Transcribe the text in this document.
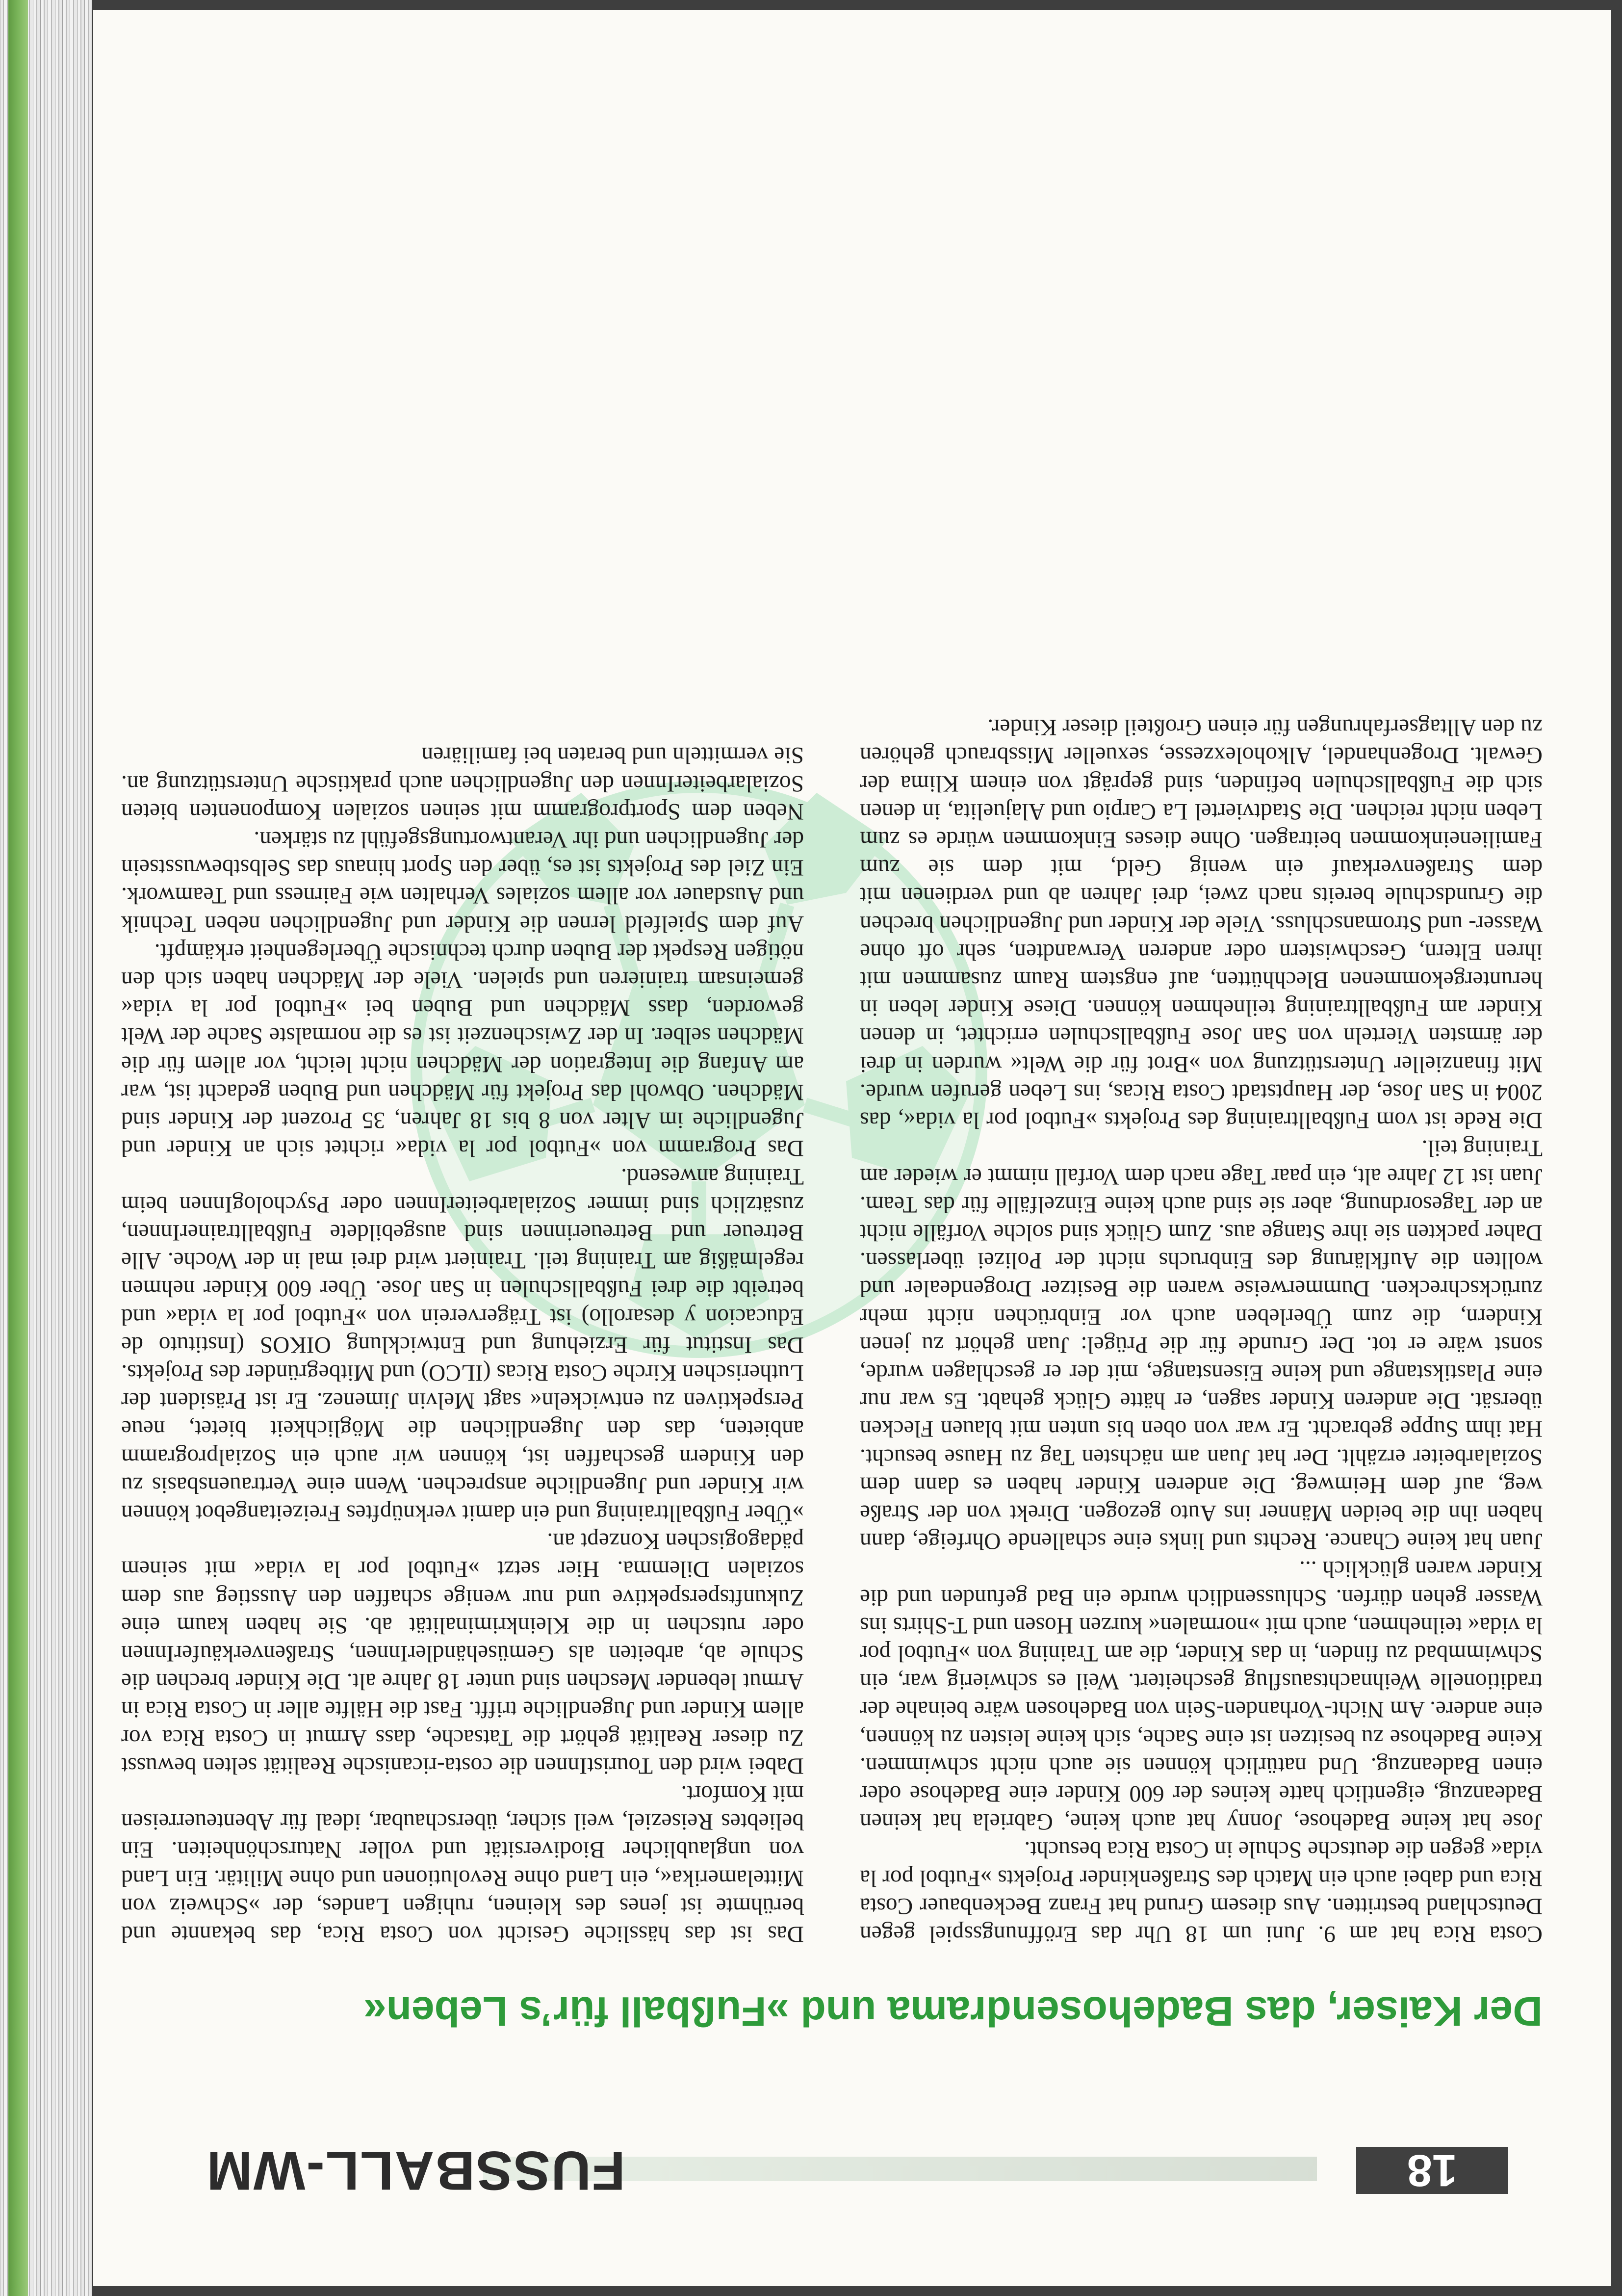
18
FUSSBALL-WM
Der Kaiser, das Badehosendrama und »Fußball für’s Leben«

Costa Rica hat am 9. Juni um 18 Uhr das Eröffnungsspiel gegen Deutschland bestritten. Aus diesem Grund hat Franz Beckenbauer Costa Rica und dabei auch ein Match des Straßenkinder Projekts »Futbol por la vida« gegen die deutsche Schule in Costa Rica besucht.

Jose hat keine Badehose, Jonny hat auch keine, Gabriela hat keinen Badeanzug, eigentlich hatte keines der 600 Kinder eine Badehose oder einen Badeanzug. Und natürlich können sie auch nicht schwimmen. Keine Badehose zu besitzen ist eine Sache, sich keine leisten zu können, eine andere. Am Nicht-Vorhanden-Sein von Badehosen wäre beinahe der traditionelle Weihnachtsausflug gescheitert. Weil es schwierig war, ein Schwimmbad zu finden, in das Kinder, die am Training von »Futbol por la vida« teilnehmen, auch mit »normalen« kurzen Hosen und T-Shirts ins Wasser gehen dürfen. Schlussendlich wurde ein Bad gefunden und die Kinder waren glücklich ...

Juan hat keine Chance. Rechts und links eine schallende Ohrfeige, dann haben ihn die beiden Männer ins Auto gezogen. Direkt von der Straße weg, auf dem Heimweg. Die anderen Kinder haben es dann dem Sozialarbeiter erzählt. Der hat Juan am nächsten Tag zu Hause besucht. Hat ihm Suppe gebracht. Er war von oben bis unten mit blauen Flecken übersät. Die anderen Kinder sagen, er hätte Glück gehabt. Es war nur eine Plastikstange und keine Eisenstange, mit der er geschlagen wurde, sonst wäre er tot. Der Grunde für die Prügel: Juan gehört zu jenen Kindern, die zum Überleben auch vor Einbrüchen nicht mehr zurückschrecken. Dummerweise waren die Besitzer Drogendealer und wollten die Aufklärung des Einbruchs nicht der Polizei überlassen. Daher packten sie ihre Stange aus. Zum Glück sind solche Vorfälle nicht an der Tagesordnung, aber sie sind auch keine Einzelfälle für das Team. Juan ist 12 Jahre alt, ein paar Tage nach dem Vorfall nimmt er wieder am Training teil.

Die Rede ist vom Fußballtraining des Projekts »Futbol por la vida«, das 2004 in San Jose, der Hauptstadt Costa Ricas, ins Leben gerufen wurde. Mit finanzieller Unterstützung von »Brot für die Welt« wurden in drei der ärmsten Vierteln von San Jose Fußballschulen errichtet, in denen Kinder am Fußballtraining teilnehmen können. Diese Kinder leben in heruntergekommenen Blechhütten, auf engstem Raum zusammen mit ihren Eltern, Geschwistern oder anderen Verwandten, sehr oft ohne Wasser- und Stromanschluss. Viele der Kinder und Jugendlichen brechen die Grundschule bereits nach zwei, drei Jahren ab und verdienen mit dem Straßenverkauf ein wenig Geld, mit dem sie zum Familieneinkommen beitragen. Ohne dieses Einkommen würde es zum Leben nicht reichen. Die Stadtviertel La Carpio und Alajuelita, in denen sich die Fußballschulen befinden, sind geprägt von einem Klima der Gewalt. Drogenhandel, Alkoholexzesse, sexueller Missbrauch gehören zu den Alltagserfahrungen für einen Großteil dieser Kinder.

Das ist das hässliche Gesicht von Costa Rica, das bekannte und berühmte ist jenes des kleinen, ruhigen Landes, der »Schweiz von Mittelamerika«, ein Land ohne Revolutionen und ohne Militär. Ein Land von unglaublicher Biodiversität und voller Naturschönheiten. Ein beliebtes Reiseziel, weil sicher, überschaubar, ideal für Abenteuerreisen mit Komfort.

Dabei wird den TouristInnen die costa-ricanische Realität selten bewusst Zu dieser Realität gehört die Tatsache, dass Armut in Costa Rica vor allem Kinder und Jugendliche trifft. Fast die Hälfte aller in Costa Rica in Armut lebender Meschen sind unter 18 Jahre alt. Die Kinder brechen die Schule ab, arbeiten als GemüsehändlerInnen, StraßenverkäuferInnen oder rutschen in die Kleinkriminalität ab. Sie haben kaum eine Zukunftsperspektive und nur wenige schaffen den Ausstieg aus dem sozialen Dilemma. Hier setzt »Futbol por la vida« mit seinem pädagogischen Konzept an.

»Über Fußballtraining und ein damit verknüpftes Freizeitangebot können wir Kinder und Jugendliche ansprechen. Wenn eine Vertrauensbasis zu den Kindern geschaffen ist, können wir auch ein Sozialprogramm anbieten, das den Jugendlichen die Möglichkeit bietet, neue Perspektiven zu entwickeln« sagt Melvin Jimenez. Er ist Präsident der Lutherischen Kirche Costa Ricas (ILCO) und Mitbegründer des Projekts.

Das Institut für Erziehung und Entwicklung OIKOS (Instituto de Educacion y desarollo) ist Trägerverein von »Futbol por la vida« und betreibt die drei Fußballschulen in San Jose. Über 600 Kinder nehmen regelmäßig am Training teil. Trainiert wird drei mal in der Woche. Alle Betreuer und Betreuerinnen sind ausgebildete FußballtrainerInnen, zusätzlich sind immer SozialarbeiterInnen oder PsychologInnen beim Training anwesend.

Das Programm von »Futbol por la vida« richtet sich an Kinder und Jugendliche im Alter von 8 bis 18 Jahren, 35 Prozent der Kinder sind Mädchen. Obwohl das Projekt für Mädchen und Buben gedacht ist, war am Anfang die Integration der Mädchen nicht leicht, vor allem für die Mädchen selber. In der Zwischenzeit ist es die normalste Sache der Welt geworden, dass Mädchen und Buben bei »Futbol por la vida« gemeinsam trainieren und spielen. Viele der Mädchen haben sich den nötigen Respekt der Buben durch technische Überlegenheit erkämpft.

Auf dem Spielfeld lernen die Kinder und Jugendlichen neben Technik und Ausdauer vor allem soziales Verhalten wie Fairness und Teamwork. Ein Ziel des Projekts ist es, über den Sport hinaus das Selbstbewusstsein der Jugendlichen und ihr Verantwortungsgefühl zu stärken.

Neben dem Sportprogramm mit seinen sozialen Komponenten bieten SozialarbeiterInnen den Jugendlichen auch praktische Unterstützung an. Sie vermitteln und beraten bei familiären
